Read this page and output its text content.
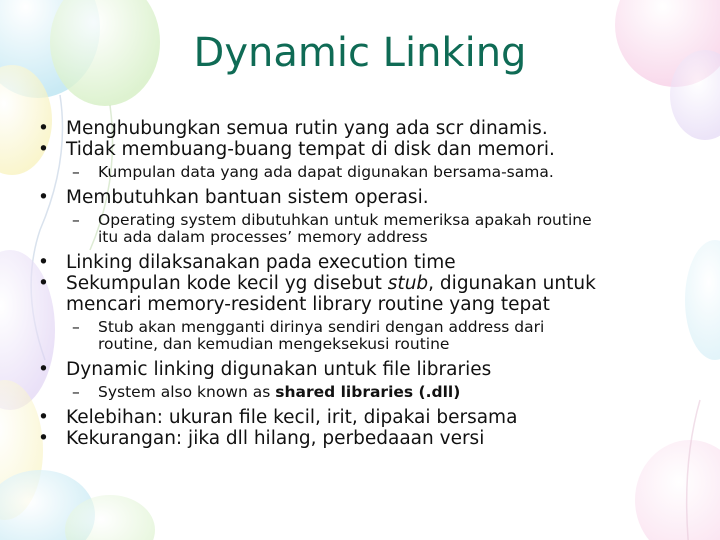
Dynamic Linking
• Menghubungkan semua rutin yang ada scr dinamis.
• Tidak membuang-buang tempat di disk dan memori.
– Kumpulan data yang ada dapat digunakan bersama-sama.
• Membutuhkan bantuan sistem operasi.
– Operating system dibutuhkan untuk memeriksa apakah routine
itu ada dalam processes’ memory address
• Linking dilaksanakan pada execution time
• Sekumpulan kode kecil yg disebut stub, digunakan untuk
mencari memory-resident library routine yang tepat
– Stub akan mengganti dirinya sendiri dengan address dari
routine, dan kemudian mengeksekusi routine
• Dynamic linking digunakan untuk file libraries
– System also known as shared libraries (.dll)
• Kelebihan: ukuran file kecil, irit, dipakai bersama
• Kekurangan: jika dll hilang, perbedaaan versi
